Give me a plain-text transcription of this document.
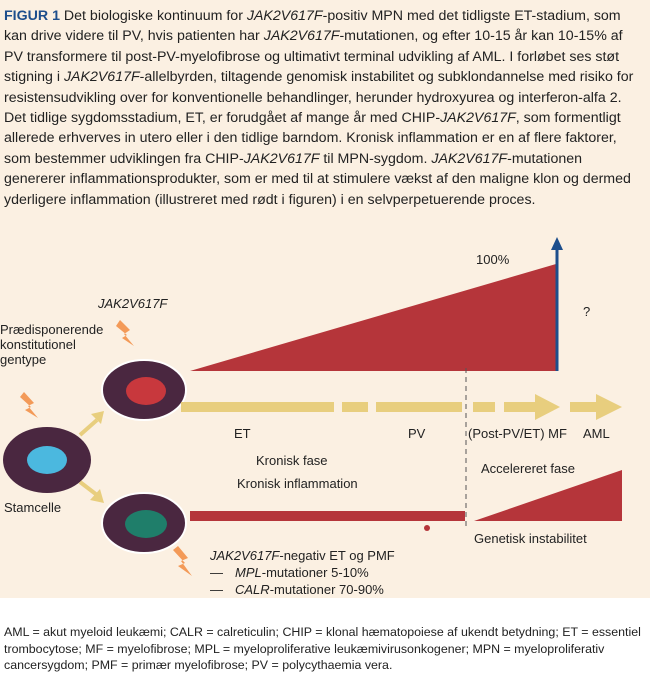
FIGUR 1 Det biologiske kontinuum for JAK2V617F-positiv MPN med det tidligste ET-stadium, som kan drive videre til PV, hvis patienten har JAK2V617F-mutationen, og efter 10-15 år kan 10-15% af PV transformere til post-PV-myelofibrose og ultimativt terminal udvikling af AML. I forløbet ses støt stigning i JAK2V617F-allelbyrden, tiltagende genomisk instabilitet og subklondannelse med risiko for resistensudvikling over for konventionelle behandlinger, herunder hydroxyurea og interferon-alfa 2. Det tidlige sygdomsstadium, ET, er forudgået af mange år med CHIP-JAK2V617F, som formentligt allerede erhverves in utero eller i den tidlige barndom. Kronisk inflammation er en af flere faktorer, som bestemmer udviklingen fra CHIP-JAK2V617F til MPN-sygdom. JAK2V617F-mutationen genererer inflammationsprodukter, som er med til at stimulere vækst af den maligne klon og dermed yderligere inflammation (illustreret med rødt i figuren) i en selvperpetuerende proces.

100%
?
JAK2V617F
Prædisponerende
konstitutionel
gentype
Stamcelle
ET	PV	(Post-PV/ET) MF AML
Kronisk fase
Kronisk inflammation
Accelereret fase
Genetisk instabilitet
JAK2V617F-negativ ET og PMF
— MPL-mutationer 5-10%
— CALR-mutationer 70-90%

AML = akut myeloid leukæmi; CALR = calreticulin; CHIP = klonal hæmatopoiese af ukendt betydning; ET = essentiel trombocytose; MF = myelofibrose; MPL = myeloproliferative leukæmivirusonkogener; MPN = myeloproliferativ cancersygdom; PMF = primær myelofibrose; PV = polycythaemia vera.
